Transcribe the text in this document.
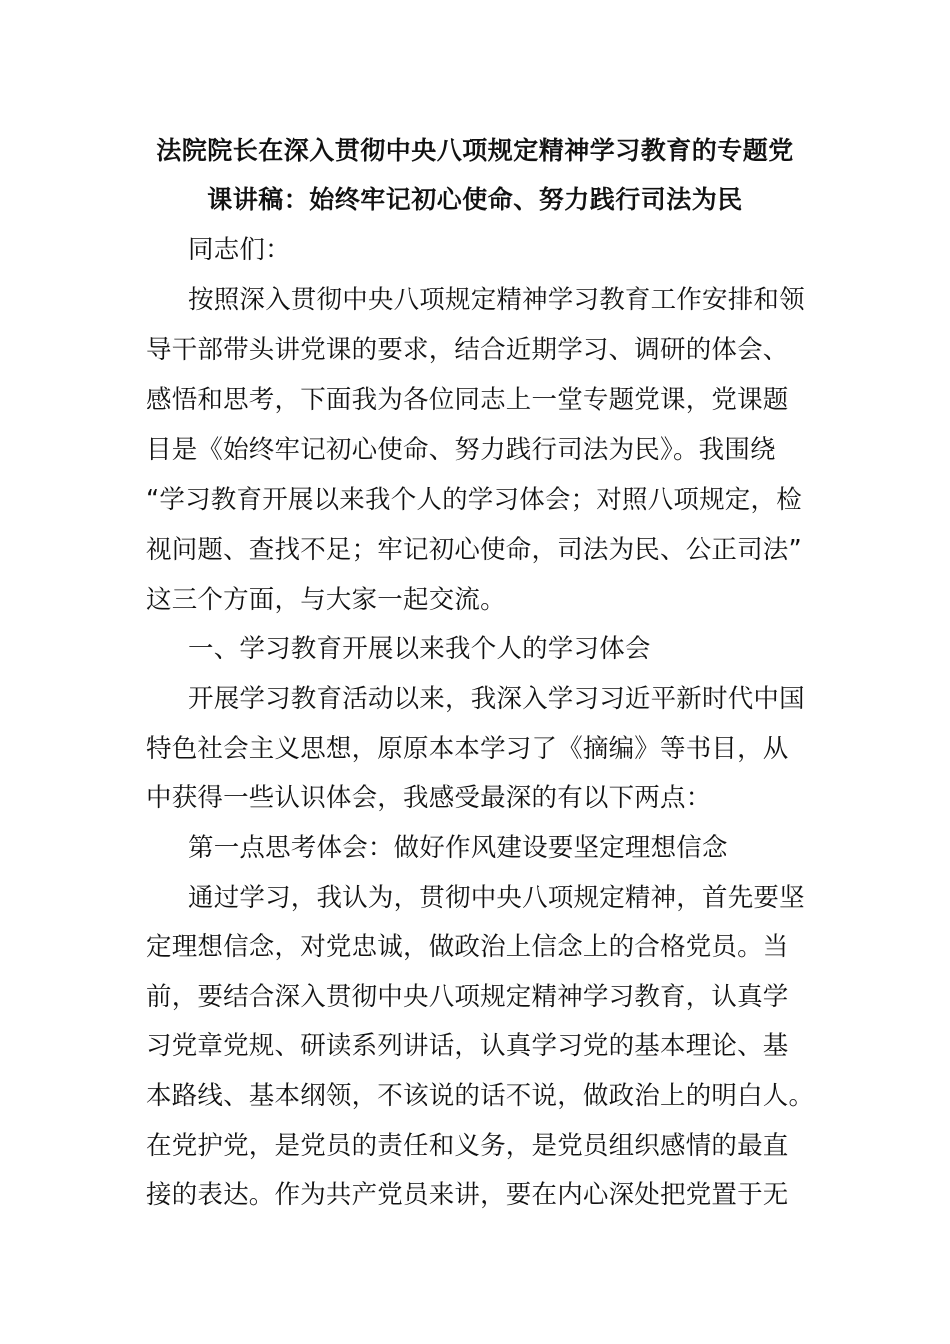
法院院长在深入贯彻中央八项规定精神学习教育的专题党
课讲稿：始终牢记初心使命、努力践行司法为民
同志们：
按照深入贯彻中央八项规定精神学习教育工作安排和领
导干部带头讲党课的要求，结合近期学习、调研的体会、
感悟和思考，下面我为各位同志上一堂专题党课，党课题
目是《始终牢记初心使命、努力践行司法为民》。我围绕
“学习教育开展以来我个人的学习体会；对照八项规定，检
视问题、查找不足；牢记初心使命，司法为民、公正司法”
这三个方面，与大家一起交流。
一、学习教育开展以来我个人的学习体会
开展学习教育活动以来，我深入学习习近平新时代中国
特色社会主义思想，原原本本学习了《摘编》等书目，从
中获得一些认识体会，我感受最深的有以下两点：
第一点思考体会：做好作风建设要坚定理想信念
通过学习，我认为，贯彻中央八项规定精神，首先要坚
定理想信念，对党忠诚，做政治上信念上的合格党员。当
前，要结合深入贯彻中央八项规定精神学习教育，认真学
习党章党规、研读系列讲话，认真学习党的基本理论、基
本路线、基本纲领，不该说的话不说，做政治上的明白人。
在党护党，是党员的责任和义务，是党员组织感情的最直
接的表达。作为共产党员来讲，要在内心深处把党置于无
